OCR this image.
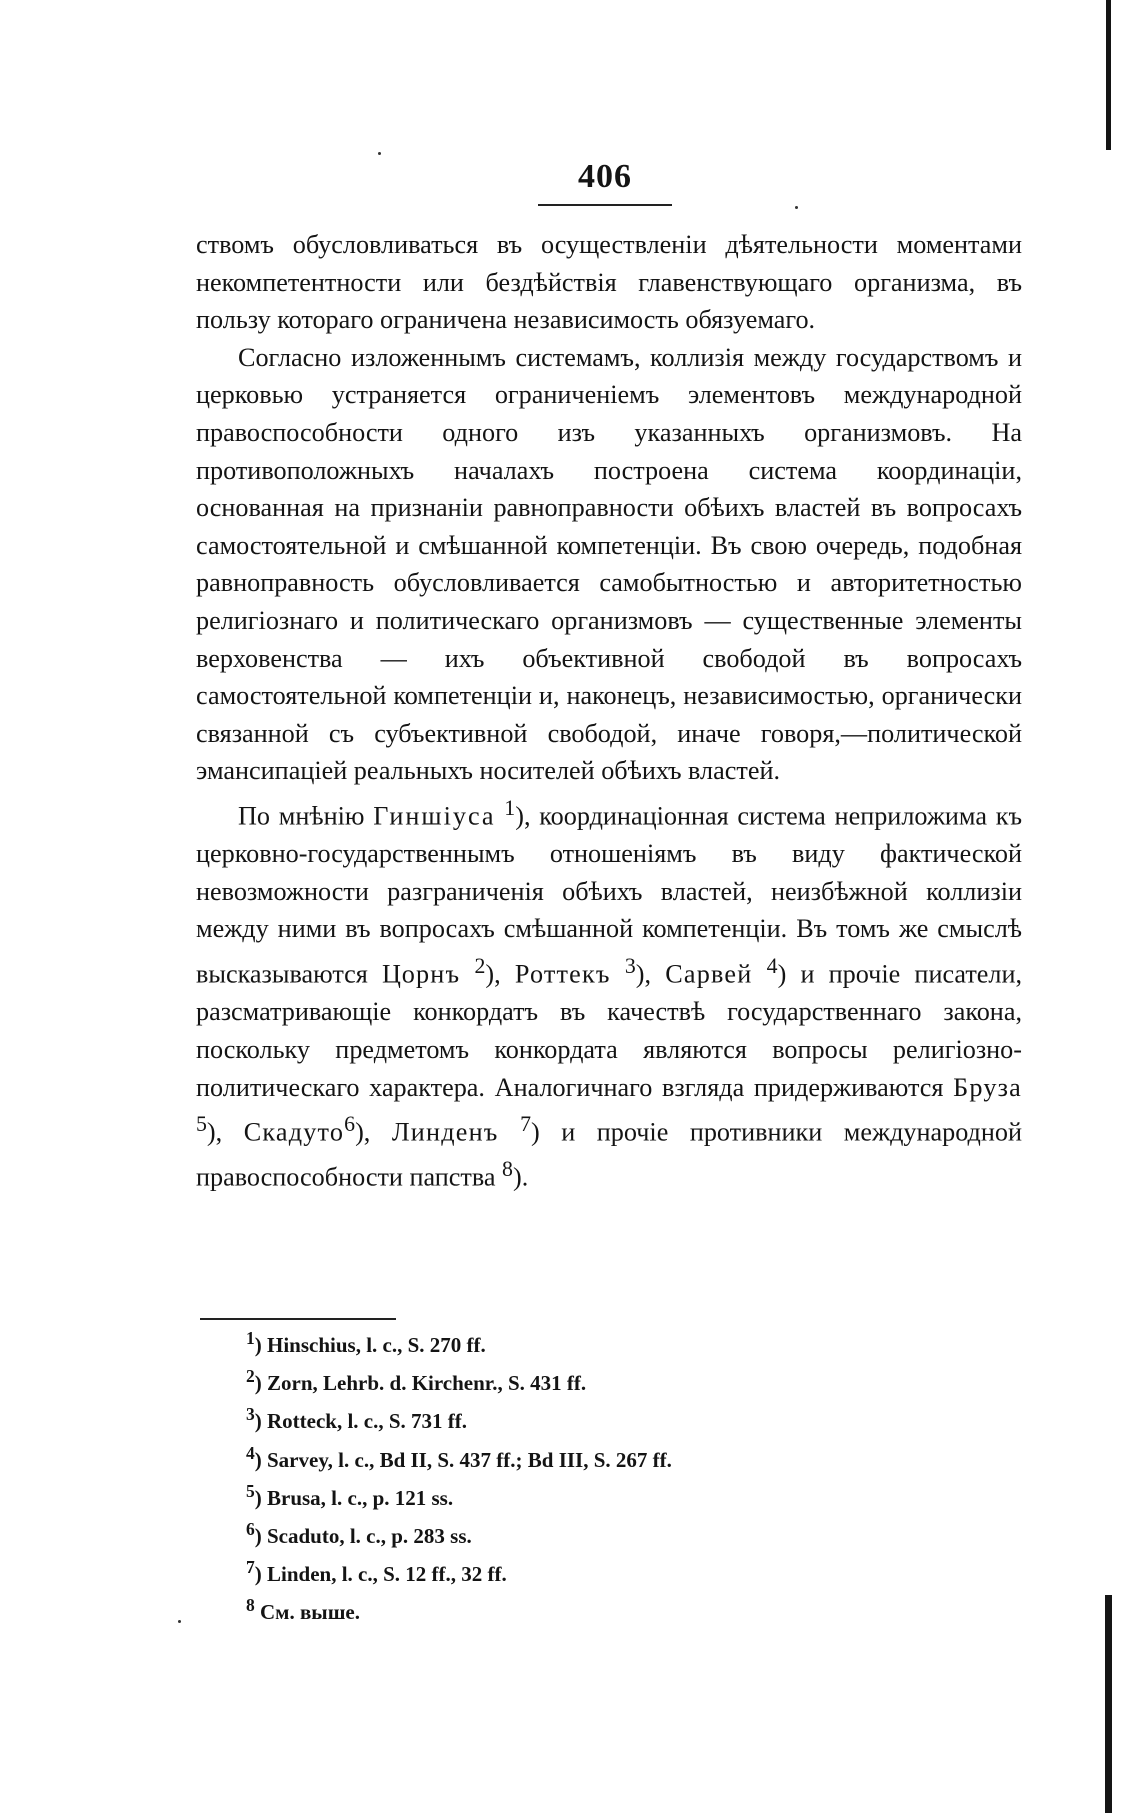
406

ствомъ обусловливаться въ осуществленіи дѣятельности моментами некомпетентности или бездѣйствія главенствующаго организма, въ пользу котораго ограничена независимость обязуемаго.

Согласно изложеннымъ системамъ, коллизія между государствомъ и церковью устраняется ограниченіемъ элементовъ международной правоспособности одного изъ указанныхъ организмовъ. На противоположныхъ началахъ построена система координаціи, основанная на признаніи равноправности обѣихъ властей въ вопросахъ самостоятельной и смѣшанной компетенціи. Въ свою очередь, подобная равноправность обусловливается самобытностью и авторитетностью религіознаго и политическаго организмовъ — существенные элементы верховенства — ихъ объективной свободой въ вопросахъ самостоятельной компетенціи и, наконецъ, независимостью, органически связанной съ субъективной свободой, иначе говоря,—политической эмансипаціей реальныхъ носителей обѣихъ властей.

По мнѣнію Гиншіуса $^1$), координаціонная система неприложима къ церковно-государственнымъ отношеніямъ въ виду фактической невозможности разграниченія обѣихъ властей, неизбѣжной коллизіи между ними въ вопросахъ смѣшанной компетенціи. Въ томъ же смыслѣ высказываются Цорнъ $^2$), Роттекъ $^3$), Сарвей $^4$) и прочіе писатели, разсматривающіе конкордатъ въ качествѣ государственнаго закона, поскольку предметомъ конкордата являются вопросы религіозно-политическаго характера. Аналогичнаго взгляда придерживаются Бруза $^5$), Скадуто$^6$), Линденъ $^7$) и прочіе противники международной правоспособности папства $^8$).

$^1$) Hinschius, l. c., S. 270 ff.
$^2$) Zorn, Lehrb. d. Kirchenr., S. 431 ff.
$^3$) Rotteck, l. c., S. 731 ff.
$^4$) Sarvey, l. c., Bd II, S. 437 ff.; Bd III, S. 267 ff.
$^5$) Brusa, l. c., p. 121 ss.
$^6$) Scaduto, l. c., p. 283 ss.
$^7$) Linden, l. c., S. 12 ff., 32 ff.
$^8$ См. выше.
